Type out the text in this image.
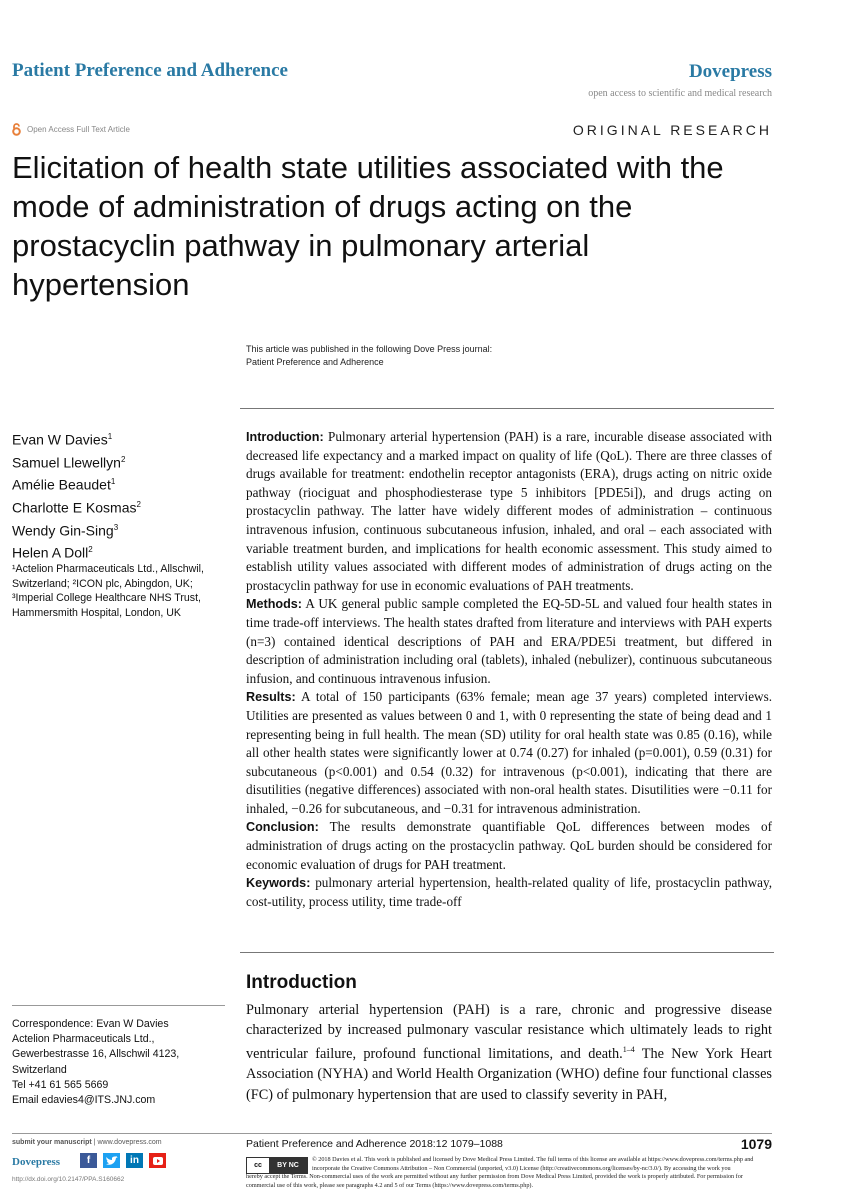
Patient Preference and Adherence	Dovepress
open access to scientific and medical research
Open Access Full Text Article	ORIGINAL RESEARCH
Elicitation of health state utilities associated with the mode of administration of drugs acting on the prostacyclin pathway in pulmonary arterial hypertension
This article was published in the following Dove Press journal:
Patient Preference and Adherence
Evan W Davies$^1$
Samuel Llewellyn$^2$
Amélie Beaudet$^1$
Charlotte E Kosmas$^2$
Wendy Gin-Sing$^3$
Helen A Doll$^2$
¹Actelion Pharmaceuticals Ltd., Allschwil, Switzerland; ²ICON plc, Abingdon, UK; ³Imperial College Healthcare NHS Trust, Hammersmith Hospital, London, UK
Correspondence: Evan W Davies
Actelion Pharmaceuticals Ltd.,
Gewerbestrasse 16, Allschwil 4123,
Switzerland
Tel +41 61 565 5669
Email edavies4@ITS.JNJ.com

Introduction: Pulmonary arterial hypertension (PAH) is a rare, incurable disease associated with decreased life expectancy and a marked impact on quality of life (QoL). There are three classes of drugs available for treatment: endothelin receptor antagonists (ERA), drugs acting on nitric oxide pathway (riociguat and phosphodiesterase type 5 inhibitors [PDE5i]), and drugs acting on prostacyclin pathway. The latter have widely different modes of administration – continuous intravenous infusion, continuous subcutaneous infusion, inhaled, and oral – each associated with variable treatment burden, and implications for health economic assessment. This study aimed to establish utility values associated with different modes of administration of drugs acting on the prostacyclin pathway for use in economic evaluations of PAH treatments.

Methods: A UK general public sample completed the EQ-5D-5L and valued four health states in time trade-off interviews. The health states drafted from literature and interviews with PAH experts (n=3) contained identical descriptions of PAH and ERA/PDE5i treatment, but differed in description of administration including oral (tablets), inhaled (nebulizer), continuous subcutaneous infusion, and continuous intravenous infusion.

Results: A total of 150 participants (63% female; mean age 37 years) completed interviews. Utilities are presented as values between 0 and 1, with 0 representing the state of being dead and 1 representing being in full health. The mean (SD) utility for oral health state was 0.85 (0.16), while all other health states were significantly lower at 0.74 (0.27) for inhaled (p=0.001), 0.59 (0.31) for subcutaneous (p<0.001) and 0.54 (0.32) for intravenous (p<0.001), indicating that there are disutilities (negative differences) associated with non-oral health states. Disutilities were −0.11 for inhaled, −0.26 for subcutaneous, and −0.31 for intravenous administration.

Conclusion: The results demonstrate quantifiable QoL differences between modes of administration of drugs acting on the prostacyclin pathway. QoL burden should be considered for economic evaluation of drugs for PAH treatment.

Keywords: pulmonary arterial hypertension, health-related quality of life, prostacyclin pathway, cost-utility, process utility, time trade-off

Introduction
Pulmonary arterial hypertension (PAH) is a rare, chronic and progressive disease characterized by increased pulmonary vascular resistance which ultimately leads to right ventricular failure, profound functional limitations, and death.$^{1-4}$ The New York Heart Association (NYHA) and World Health Organization (WHO) define four functional classes (FC) of pulmonary hypertension that are used to classify severity in PAH,
submit your manuscript | www.dovepress.com
Dovepress	f	in
http://dx.doi.org/10.2147/PPA.S160662
Patient Preference and Adherence 2018:12 1079–1088	1079
cc	BY NC
© 2018 Davies et al. This work is published and licensed by Dove Medical Press Limited. The full terms of this license are available at https://www.dovepress.com/terms.php and incorporate the Creative Commons Attribution – Non Commercial (unported, v3.0) License (http://creativecommons.org/licenses/by-nc/3.0/). By accessing the work you
hereby accept the Terms. Non-commercial uses of the work are permitted without any further permission from Dove Medical Press Limited, provided the work is properly attributed. For permission for commercial use of this work, please see paragraphs 4.2 and 5 of our Terms (https://www.dovepress.com/terms.php).
